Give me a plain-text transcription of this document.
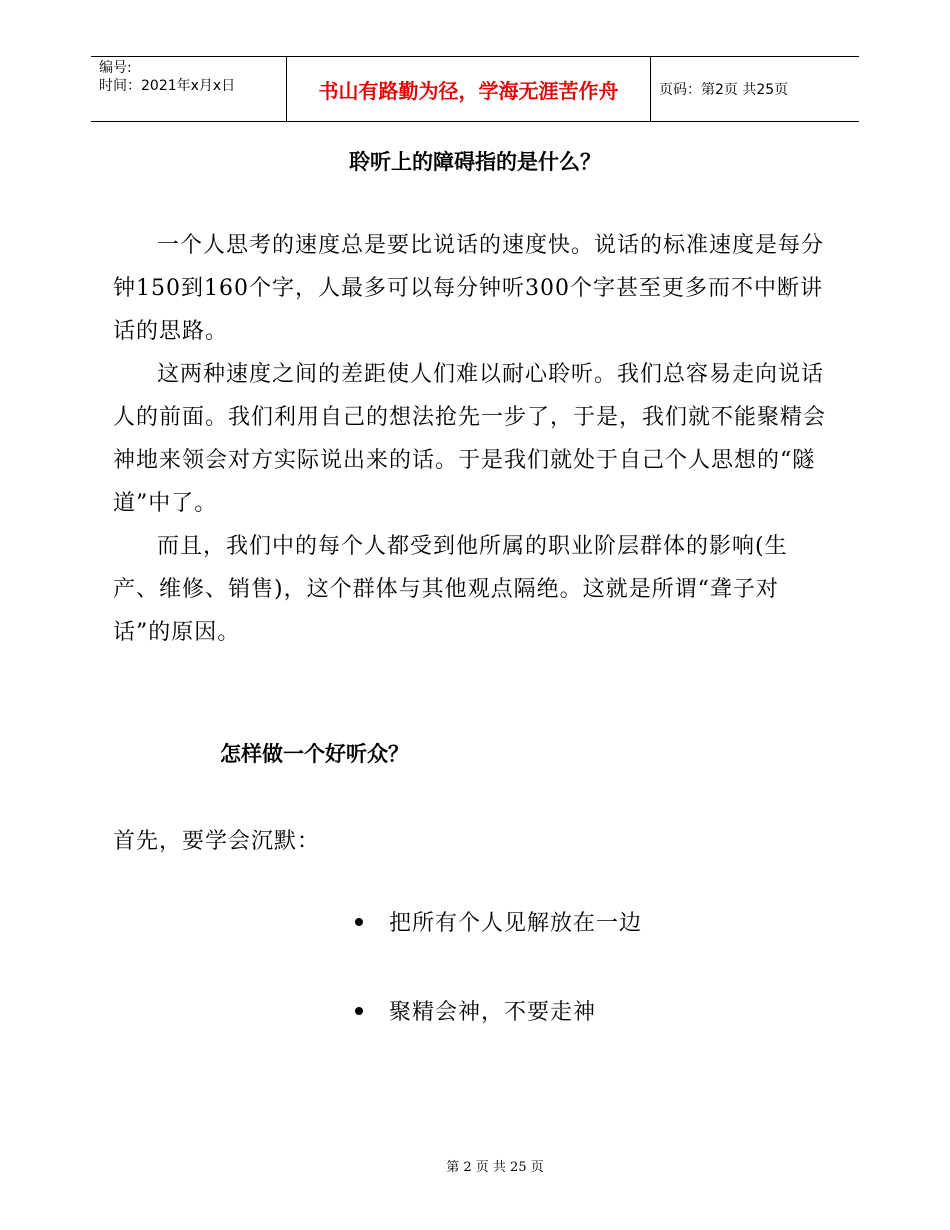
编号:
时间：2021年x月x日	书山有路勤为径，学海无涯苦作舟	页码：第2页 共25页
聆听上的障碍指的是什么？

一个人思考的速度总是要比说话的速度快。说话的标准速度是每分钟150到160个字，人最多可以每分钟听300个字甚至更多而不中断讲话的思路。

这两种速度之间的差距使人们难以耐心聆听。我们总容易走向说话人的前面。我们利用自己的想法抢先一步了，于是，我们就不能聚精会神地来领会对方实际说出来的话。于是我们就处于自己个人思想的“隧道”中了。

而且，我们中的每个人都受到他所属的职业阶层群体的影响(生产、维修、销售)，这个群体与其他观点隔绝。这就是所谓“聋子对话”的原因。

怎样做一个好听众？
首先，要学会沉默：
把所有个人见解放在一边
聚精会神，不要走神
第 2 页 共 25 页
